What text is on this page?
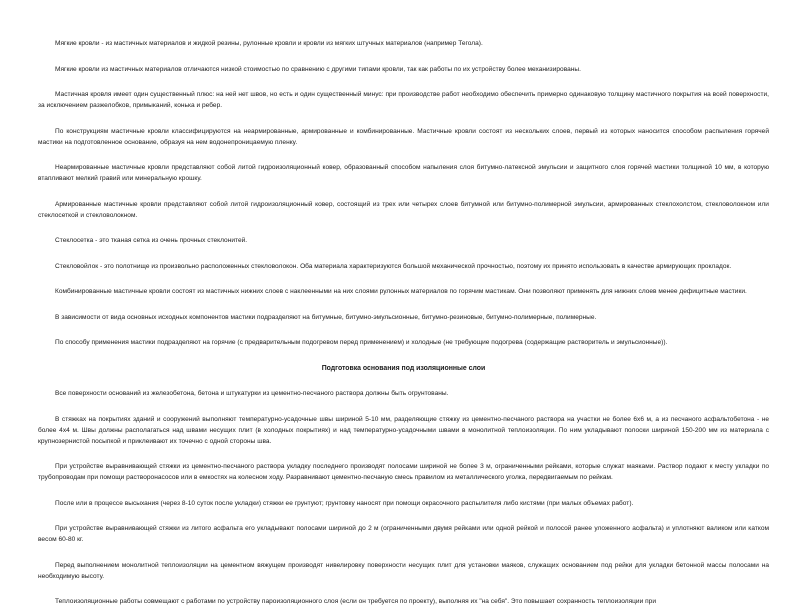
Мягкие кровли - из мастичных материалов и жидкой резины, рулонные кровли и кровли из мягких штучных материалов (например Тегола).

Мягкие кровли из мастичных материалов отличаются низкой стоимостью по сравнению с другими типами кровли, так как работы по их устройству более механизированы.

Мастичная кровля имеет один существенный плюс: на ней нет швов, но есть и один существенный минус: при производстве работ необходимо обеспечить примерно одинаковую толщину мастичного покрытия на всей поверхности, за исключением разжелобков, примыканий, конька и ребер.

По конструкциям мастичные кровли классифицируются на неармированные, армированные и комбинированные. Мастичные кровли состоят из нескольких слоев, первый из которых наносится способом распыления горячей мастики на подготовленное основание, образуя на нем водонепроницаемую пленку.

Неармированные мастичные кровли представляют собой литой гидроизоляционный ковер, образованный способом напыления слоя битумно-латексной эмульсии и защитного слоя горячей мастики толщиной 10 мм, в которую втапливают мелкий гравий или минеральную крошку.

Армированные мастичные кровли представляют собой литой гидроизоляционный ковер, состоящий из трех или четырех слоев битумной или битумно-полимерной эмульсии, армированных стеклохолстом, стекловолокном или стеклосеткой и стекловолокном.

Стеклосетка - это тканая сетка из очень прочных стеклонитей.

Стекловойлок - это полотнище из произвольно расположенных стекловолокон. Оба материала характеризуются большой механической прочностью, поэтому их принято использовать в качестве армирующих прокладок.

Комбинированные мастичные кровли состоят из мастичных нижних слоев с наклеенными на них слоями рулонных материалов по горячим мастикам. Они позволяют применять для нижних слоев менее дефицитные мастики.

В зависимости от вида основных исходных компонентов мастики подразделяют на битумные, битумно-эмульсионные, битумно-резиновые, битумно-полимерные, полимерные.

По способу применения мастики подразделяют на горячие (с предварительным подогревом перед применением) и холодные (не требующие подогрева (содержащие растворитель и эмульсионные)).

Подготовка основания под изоляционные слои

Все поверхности оснований из железобетона, бетона и штукатурки из цементно-песчаного раствора должны быть огрунтованы.

В стяжках на покрытиях зданий и сооружений выполняют температурно-усадочные швы шириной 5-10 мм, разделяющие стяжку из цементно-песчаного раствора на участки не более 6х6 м, а из песчаного асфальтобетона - не более 4х4 м. Швы должны располагаться над швами несущих плит (в холодных покрытиях) и над температурно-усадочными швами в монолитной теплоизоляции. По ним укладывают полоски шириной 150-200 мм из материала с крупнозернистой посыпкой и приклеивают их точечно с одной стороны шва.

При устройстве выравнивающей стяжки из цементно-песчаного раствора укладку последнего производят полосами шириной не более 3 м, ограниченными рейками, которые служат маяками. Раствор подают к месту укладки по трубопроводам при помощи растворонасосов или в емкостях на колесном ходу. Разравнивают цементно-песчаную смесь правилом из металлического уголка, передвигаемым по рейкам.

После или в процессе высыхания (через 8-10 суток после укладки) стяжки ее грунтуют; грунтовку наносят при помощи окрасочного распылителя либо кистями (при малых объемах работ).

При устройстве выравнивающей стяжки из литого асфальта его укладывают полосами шириной до 2 м (ограниченными двумя рейками или одной рейкой и полосой ранее уложенного асфальта) и уплотняют валиком или катком весом 60-80 кг.

Перед выполнением монолитной теплоизоляции на цементном вяжущем производят нивелировку поверхности несущих плит для установки маяков, служащих основанием под рейки для укладки бетонной массы полосами на необходимую высоту.

Теплоизоляционные работы совмещают с работами по устройству пароизоляционного слоя (если он требуется по проекту), выполняя их "на себя". Это повышает сохранность теплоизоляции при
